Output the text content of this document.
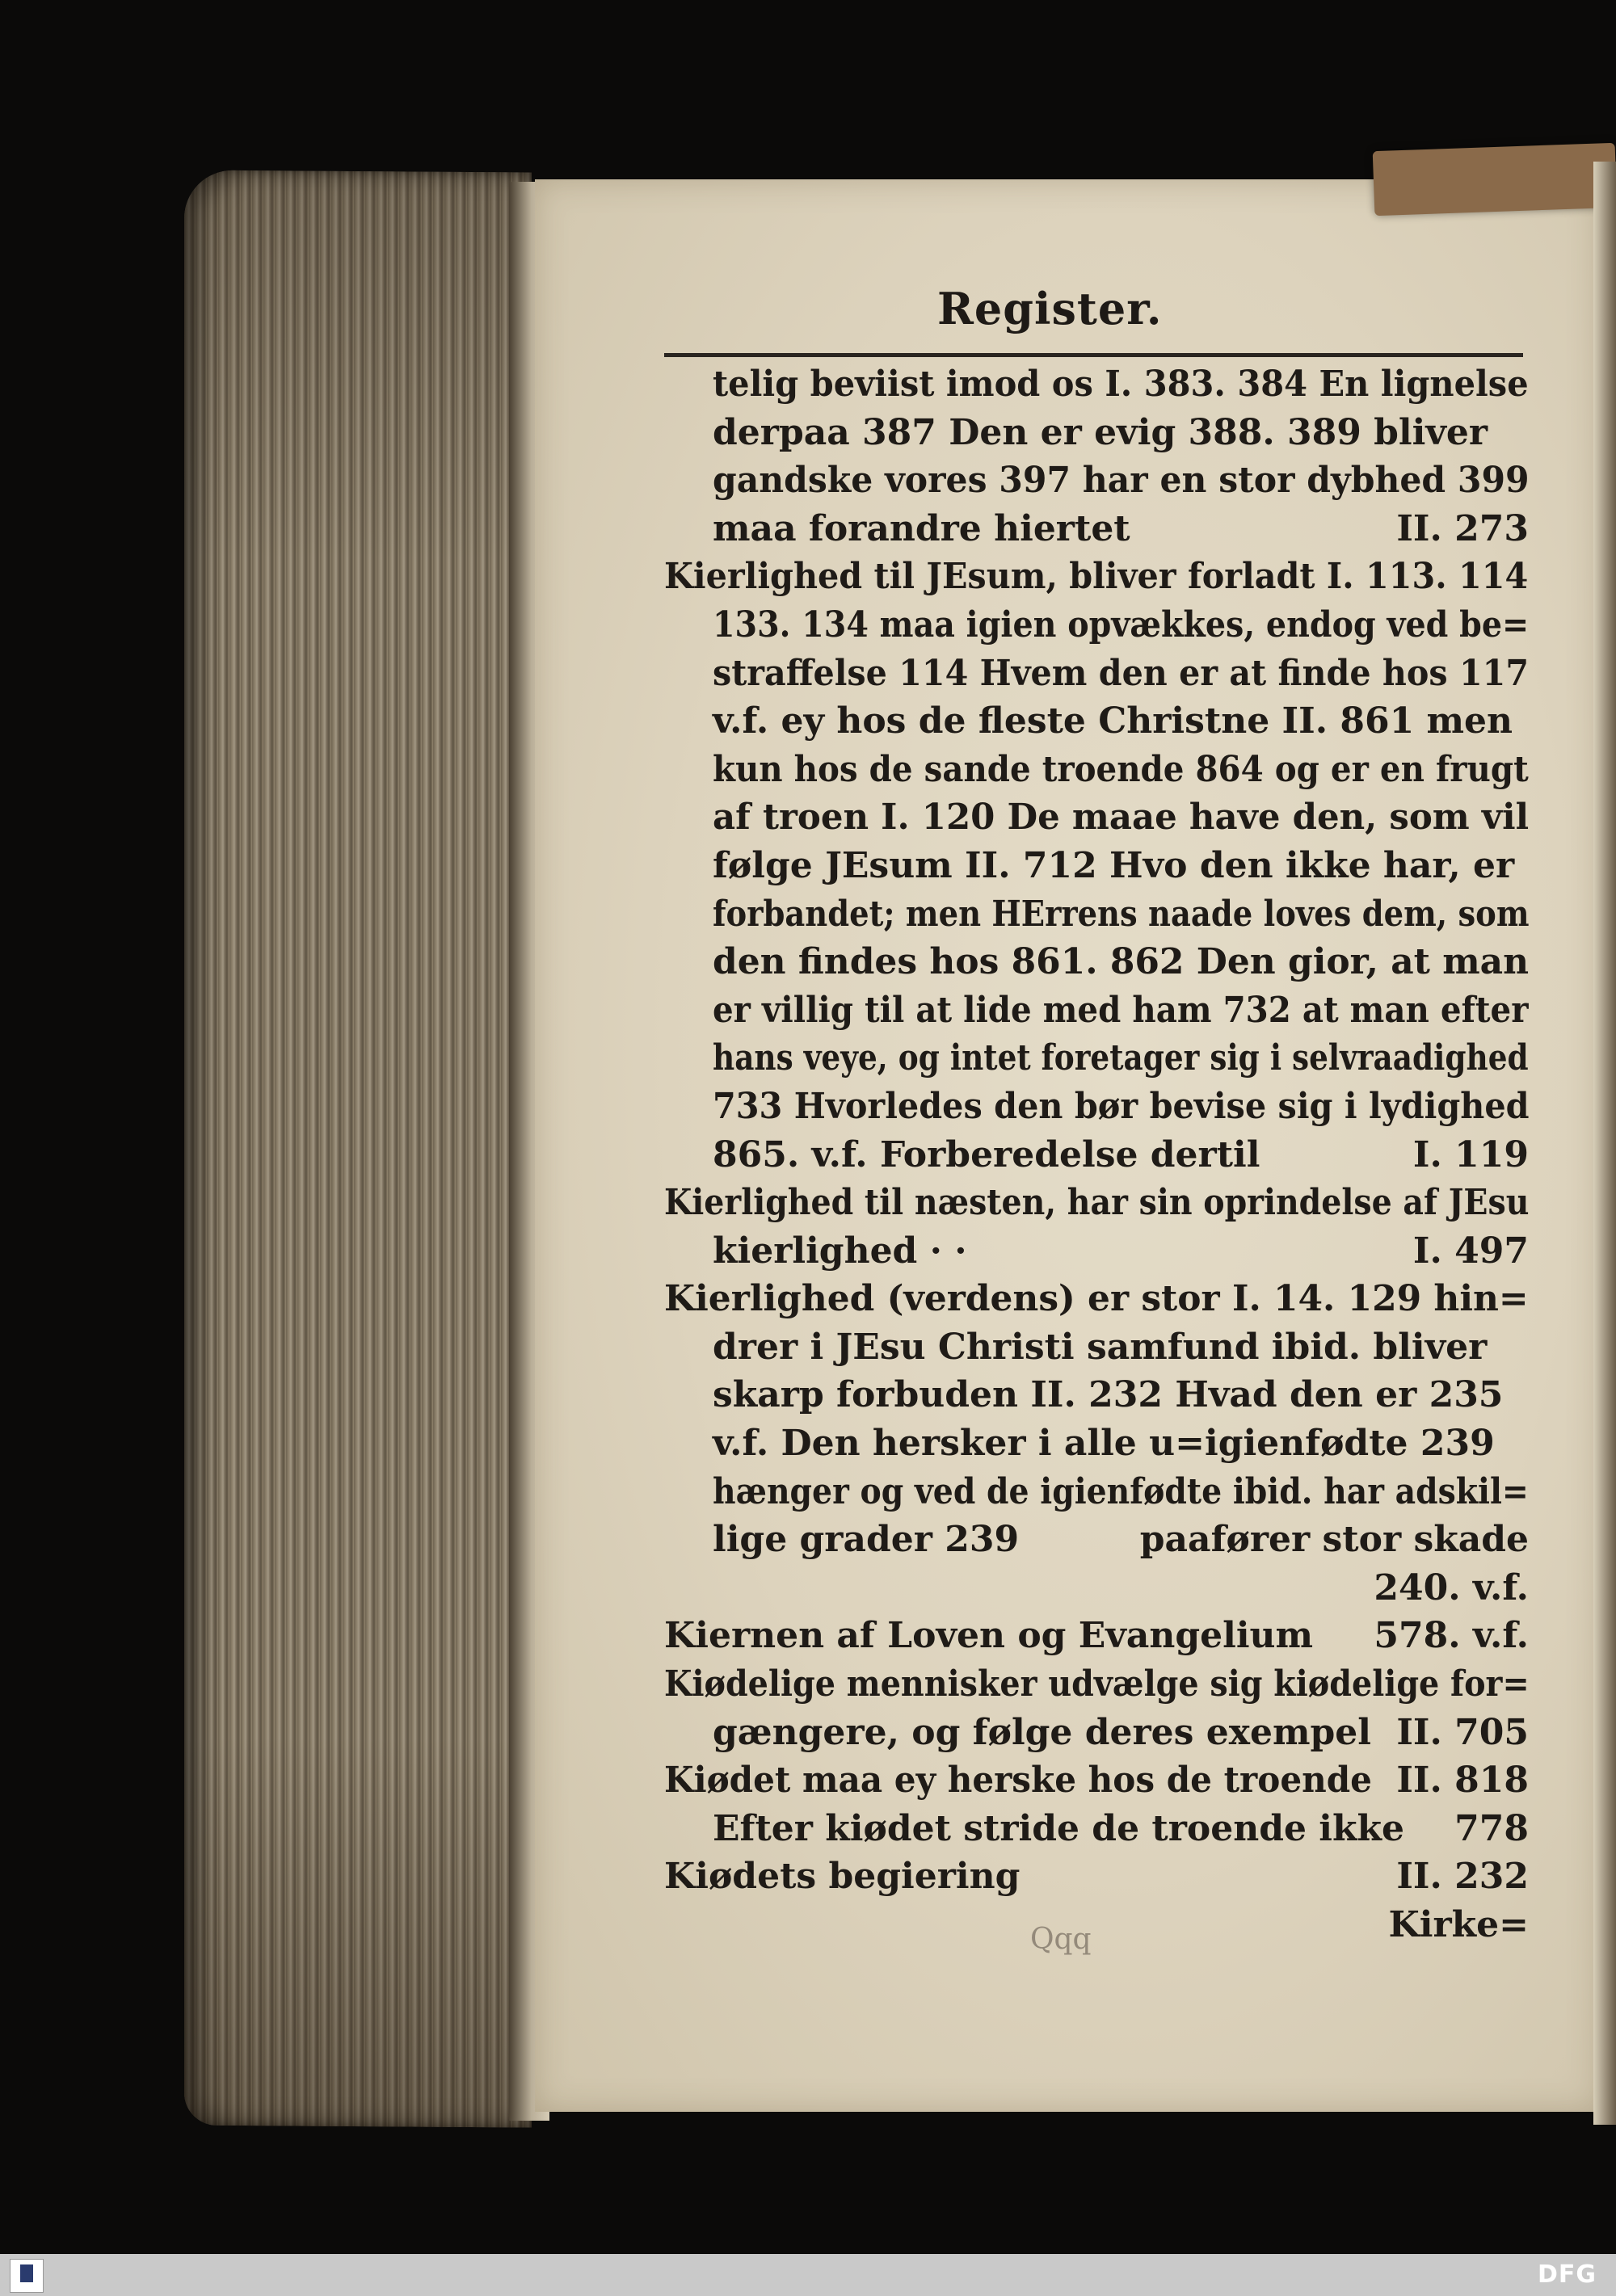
Register.
telig beviist imod os I. 383. 384 En lignelse
derpaa 387 Den er evig 388. 389 bliver
gandske vores 397 har en stor dybhed 399
maa forandre hiertet	II. 273
Kierlighed til JEsum, bliver forladt I. 113. 114
133. 134 maa igien opvækkes, endog ved be=
straffelse 114 Hvem den er at finde hos 117
v.f. ey hos de fleste Christne II. 861 men
kun hos de sande troende 864 og er en frugt
af troen I. 120 De maae have den, som vil
følge JEsum II. 712 Hvo den ikke har, er
forbandet; men HErrens naade loves dem, som
den findes hos 861. 862 Den gior, at man
er villig til at lide med ham 732 at man efter
hans veye, og intet foretager sig i selvraadighed
733 Hvorledes den bør bevise sig i lydighed
865. v.f. Forberedelse dertil	I. 119
Kierlighed til næsten, har sin oprindelse af JEsu
kierlighed · ·	I. 497
Kierlighed (verdens) er stor I. 14. 129 hin=
drer i JEsu Christi samfund ibid. bliver
skarp forbuden II. 232 Hvad den er 235
v.f. Den hersker i alle u=igienfødte 239
hænger og ved de igienfødte ibid. har adskil=
lige grader 239	paafører stor skade
240. v.f.
Kiernen af Loven og Evangelium 578. v.f.
Kiødelige mennisker udvælge sig kiødelige for=
gængere, og følge deres exempel II. 705
Kiødet maa ey herske hos de troende II. 818
Efter kiødet stride de troende ikke 778
Kiødets begiering	II. 232
Kirke=
Qqq
DFG
